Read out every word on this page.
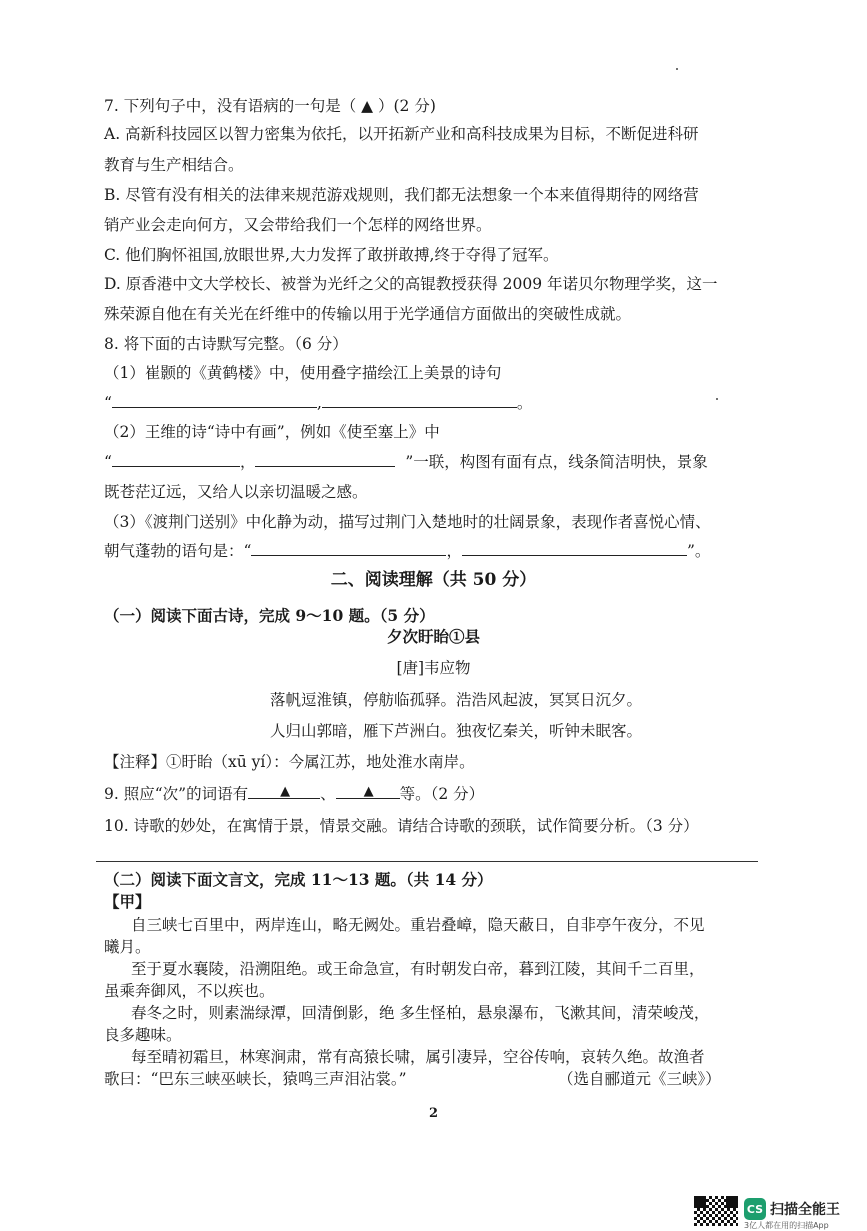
7. 下列句子中，没有语病的一句是（ ▲ ）(2 分)
A. 高新科技园区以智力密集为依托，以开拓新产业和高科技成果为目标，不断促进科研
教育与生产相结合。
B. 尽管有没有相关的法律来规范游戏规则，我们都无法想象一个本来值得期待的网络营
销产业会走向何方，又会带给我们一个怎样的网络世界。
C. 他们胸怀祖国,放眼世界,大力发挥了敢拼敢搏,终于夺得了冠军。
D. 原香港中文大学校长、被誉为光纤之父的高锟教授获得 2009 年诺贝尔物理学奖，这一
殊荣源自他在有关光在纤维中的传输以用于光学通信方面做出的突破性成就。
8. 将下面的古诗默写完整。（6 分）
（1）崔颢的《黄鹤楼》中，使用叠字描绘江上美景的诗句
“	,	。
（2）王维的诗“诗中有画”，例如《使至塞上》中
“	，	”一联，构图有面有点，线条简洁明快，景象
既苍茫辽远，又给人以亲切温暖之感。
（3）《渡荆门送别》中化静为动，描写过荆门入楚地时的壮阔景象，表现作者喜悦心情、
朝气蓬勃的语句是：“	，	”。
二、阅读理解（共 50 分）
（一）阅读下面古诗，完成 9～10 题。（5 分）
夕次盱眙①县
[唐]韦应物
落帆逗淮镇，停舫临孤驿。浩浩风起波，冥冥日沉夕。
人归山郭暗，雁下芦洲白。独夜忆秦关，听钟未眠客。
【注释】①盱眙（xū yí）：今属江苏，地处淮水南岸。
9. 照应“次”的词语有 ▲ 、 ▲ 等。（2 分）
10. 诗歌的妙处，在寓情于景，情景交融。请结合诗歌的颈联，试作简要分析。（3 分）
（二）阅读下面文言文，完成 11～13 题。（共 14 分）
【甲】
自三峡七百里中，两岸连山，略无阙处。重岩叠嶂，隐天蔽日，自非亭午夜分，不见
曦月。
至于夏水襄陵，沿溯阻绝。或王命急宣，有时朝发白帝，暮到江陵，其间千二百里，
虽乘奔御风，不以疾也。
春冬之时，则素湍绿潭，回清倒影，绝 多生怪柏，悬泉瀑布，飞漱其间，清荣峻茂，
良多趣味。
每至晴初霜旦，林寒涧肃，常有高猿长啸，属引凄异，空谷传响，哀转久绝。故渔者
歌曰：“巴东三峡巫峡长，猿鸣三声泪沾裳。”	（选自郦道元《三峡》）
2
CS 扫描全能王
3亿人都在用的扫描App
